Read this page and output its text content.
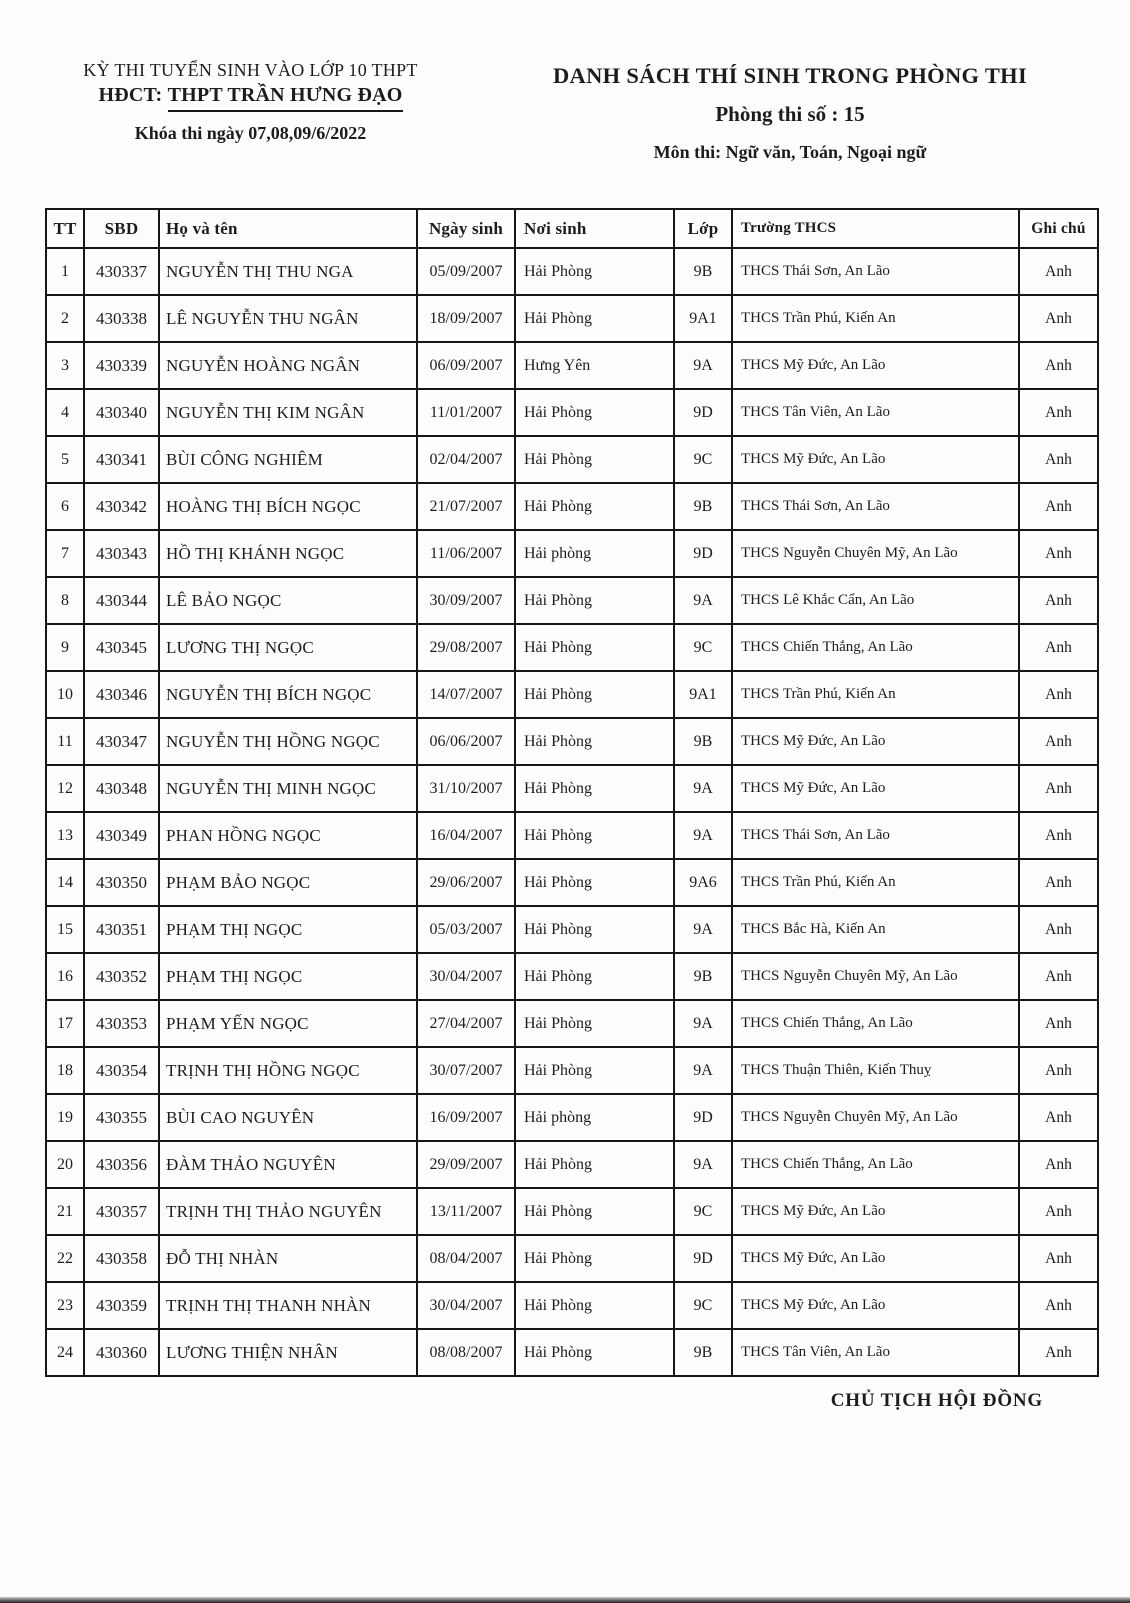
KỲ THI TUYỂN SINH VÀO LỚP 10 THPT
HĐCT: THPT TRẦN HƯNG ĐẠO
Khóa thi ngày 07,08,09/6/2022
DANH SÁCH THÍ SINH TRONG PHÒNG THI
Phòng thi số : 15
Môn thi: Ngữ văn, Toán, Ngoại ngữ
TT	SBD	Họ và tên	Ngày sinh	Nơi sinh	Lớp	Trường THCS	Ghi chú
1	430337	NGUYỄN THỊ THU NGA	05/09/2007	Hải Phòng	9B	THCS Thái Sơn, An Lão	Anh
2	430338	LÊ NGUYỄN THU NGÂN	18/09/2007	Hải Phòng	9A1	THCS Trần Phú, Kiến An	Anh
3	430339	NGUYỄN HOÀNG NGÂN	06/09/2007	Hưng Yên	9A	THCS Mỹ Đức, An Lão	Anh
4	430340	NGUYỄN THỊ KIM NGÂN	11/01/2007	Hải Phòng	9D	THCS Tân Viên, An Lão	Anh
5	430341	BÙI CÔNG NGHIÊM	02/04/2007	Hải Phòng	9C	THCS Mỹ Đức, An Lão	Anh
6	430342	HOÀNG THỊ BÍCH NGỌC	21/07/2007	Hải Phòng	9B	THCS Thái Sơn, An Lão	Anh
7	430343	HỒ THỊ KHÁNH NGỌC	11/06/2007	Hải phòng	9D	THCS Nguyễn Chuyên Mỹ, An Lão	Anh
8	430344	LÊ BẢO NGỌC	30/09/2007	Hải Phòng	9A	THCS Lê Khắc Cẩn, An Lão	Anh
9	430345	LƯƠNG THỊ NGỌC	29/08/2007	Hải Phòng	9C	THCS Chiến Thắng, An Lão	Anh
10	430346	NGUYỄN THỊ BÍCH NGỌC	14/07/2007	Hải Phòng	9A1	THCS Trần Phú, Kiến An	Anh
11	430347	NGUYỄN THỊ HỒNG NGỌC	06/06/2007	Hải Phòng	9B	THCS Mỹ Đức, An Lão	Anh
12	430348	NGUYỄN THỊ MINH NGỌC	31/10/2007	Hải Phòng	9A	THCS Mỹ Đức, An Lão	Anh
13	430349	PHAN HỒNG NGỌC	16/04/2007	Hải Phòng	9A	THCS Thái Sơn, An Lão	Anh
14	430350	PHẠM BẢO NGỌC	29/06/2007	Hải Phòng	9A6	THCS Trần Phú, Kiến An	Anh
15	430351	PHẠM THỊ NGỌC	05/03/2007	Hải Phòng	9A	THCS Bắc Hà, Kiến An	Anh
16	430352	PHẠM THỊ NGỌC	30/04/2007	Hải Phòng	9B	THCS Nguyễn Chuyên Mỹ, An Lão	Anh
17	430353	PHẠM YẾN NGỌC	27/04/2007	Hải Phòng	9A	THCS Chiến Thắng, An Lão	Anh
18	430354	TRỊNH THỊ HỒNG NGỌC	30/07/2007	Hải Phòng	9A	THCS Thuận Thiên, Kiến Thuỵ	Anh
19	430355	BÙI CAO NGUYÊN	16/09/2007	Hải phòng	9D	THCS Nguyễn Chuyên Mỹ, An Lão	Anh
20	430356	ĐÀM THẢO NGUYÊN	29/09/2007	Hải Phòng	9A	THCS Chiến Thắng, An Lão	Anh
21	430357	TRỊNH THỊ THẢO NGUYÊN	13/11/2007	Hải Phòng	9C	THCS Mỹ Đức, An Lão	Anh
22	430358	ĐỖ THỊ NHÀN	08/04/2007	Hải Phòng	9D	THCS Mỹ Đức, An Lão	Anh
23	430359	TRỊNH THỊ THANH NHÀN	30/04/2007	Hải Phòng	9C	THCS Mỹ Đức, An Lão	Anh
24	430360	LƯƠNG THIỆN NHÂN	08/08/2007	Hải Phòng	9B	THCS Tân Viên, An Lão	Anh
CHỦ TỊCH HỘI ĐỒNG
